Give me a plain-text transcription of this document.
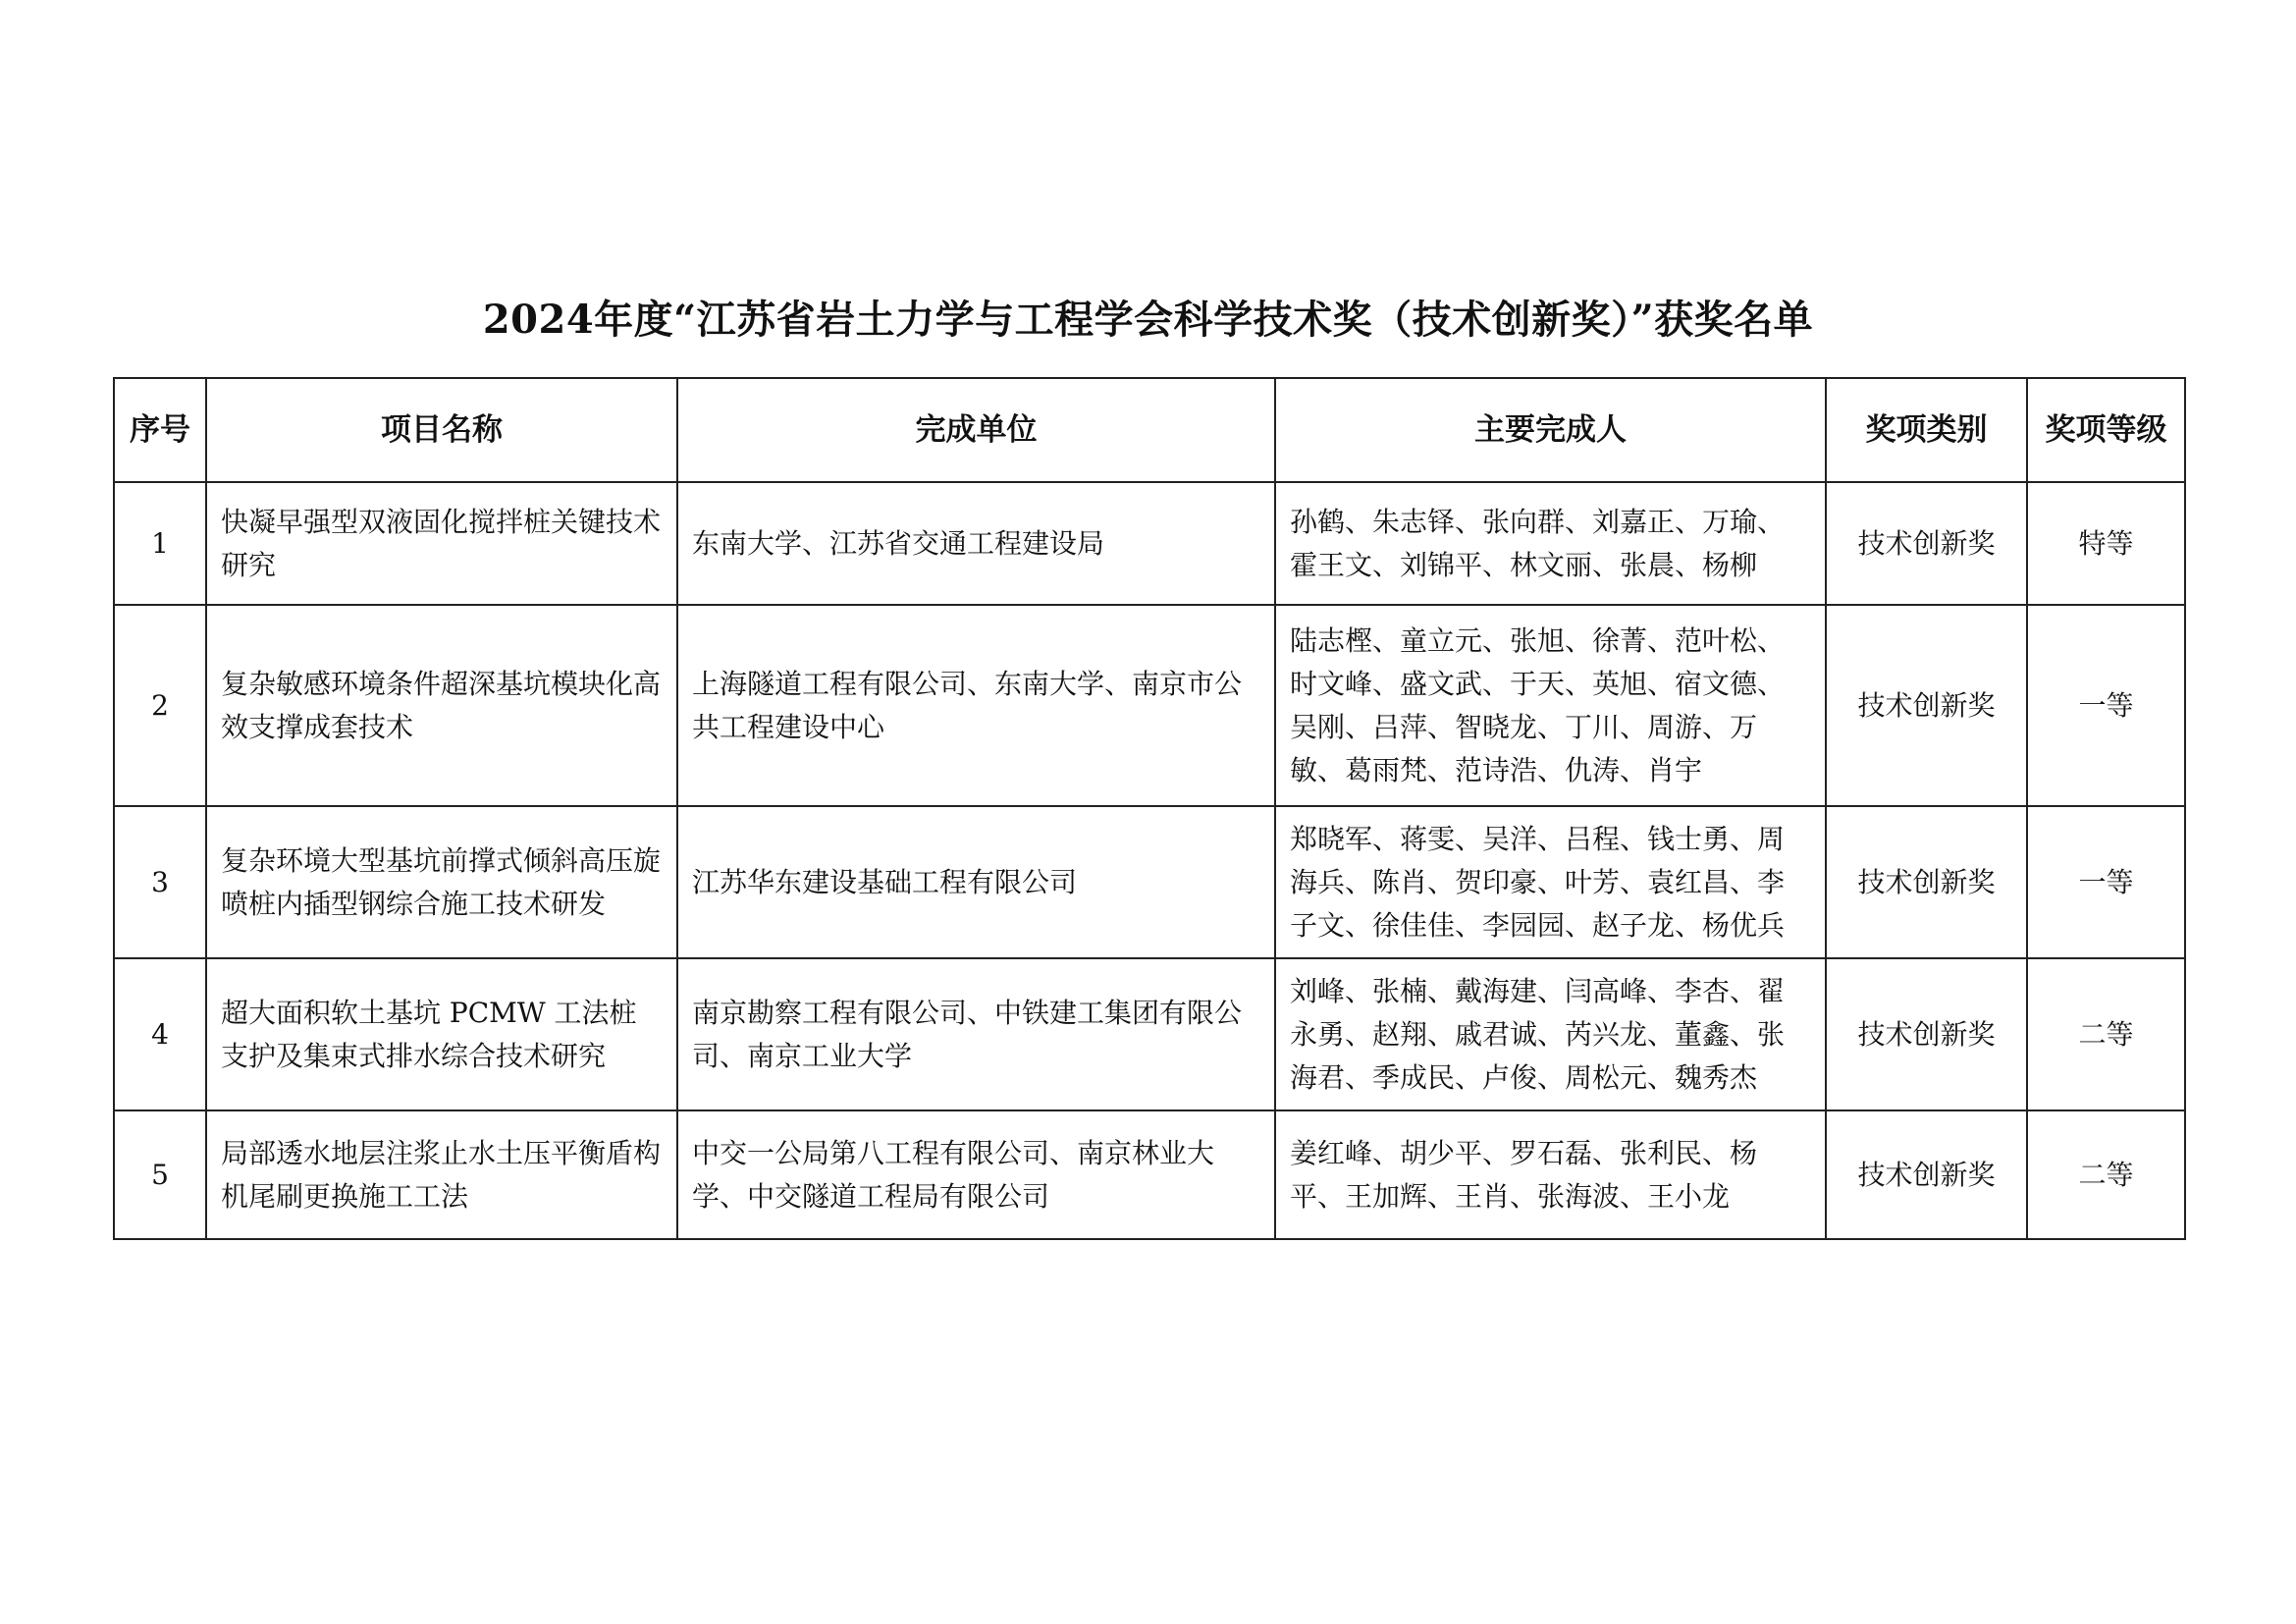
2024年度“江苏省岩土力学与工程学会科学技术奖（技术创新奖）”获奖名单
序号	项目名称	完成单位	主要完成人	奖项类别	奖项等级
1	快凝早强型双液固化搅拌桩关键技术研究	东南大学、江苏省交通工程建设局	孙鹤、朱志铎、张向群、刘嘉正、万瑜、霍王文、刘锦平、林文丽、张晨、杨柳	技术创新奖	特等
2	复杂敏感环境条件超深基坑模块化高效支撑成套技术	上海隧道工程有限公司、东南大学、南京市公共工程建设中心	陆志樫、童立元、张旭、徐菁、范叶松、时文峰、盛文武、于天、英旭、宿文德、吴刚、吕萍、智晓龙、丁川、周游、万敏、葛雨梵、范诗浩、仇涛、肖宇	技术创新奖	一等
3	复杂环境大型基坑前撑式倾斜高压旋喷桩内插型钢综合施工技术研发	江苏华东建设基础工程有限公司	郑晓军、蒋雯、吴洋、吕程、钱士勇、周海兵、陈肖、贺印豪、叶芳、袁红昌、李子文、徐佳佳、李园园、赵子龙、杨优兵	技术创新奖	一等
4	超大面积软土基坑 PCMW 工法桩支护及集束式排水综合技术研究	南京勘察工程有限公司、中铁建工集团有限公司、南京工业大学	刘峰、张楠、戴海建、闫高峰、李杏、翟永勇、赵翔、戚君诚、芮兴龙、董鑫、张海君、季成民、卢俊、周松元、魏秀杰	技术创新奖	二等
5	局部透水地层注浆止水土压平衡盾构机尾刷更换施工工法	中交一公局第八工程有限公司、南京林业大学、中交隧道工程局有限公司	姜红峰、胡少平、罗石磊、张利民、杨平、王加辉、王肖、张海波、王小龙	技术创新奖	二等
